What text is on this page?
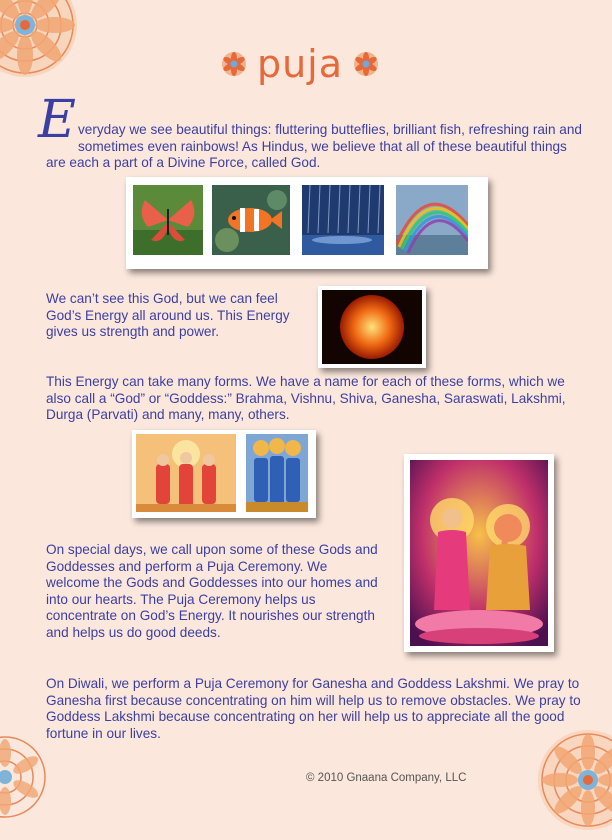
puja
E veryday we see beautiful things: fluttering butteflies, brilliant fish, refreshing rain and sometimes even rainbows! As Hindus, we believe that all of these beautiful things are each a part of a Divine Force, called God.
We can’t see this God, but we can feel God’s Energy all around us. This Energy gives us strength and power.
This Energy can take many forms. We have a name for each of these forms, which we also call a “God” or “Goddess:” Brahma, Vishnu, Shiva, Ganesha, Saraswati, Lakshmi, Durga (Parvati) and many, many, others.
On special days, we call upon some of these Gods and Goddesses and perform a Puja Ceremony. We welcome the Gods and Goddesses into our homes and into our hearts. The Puja Ceremony helps us concentrate on God’s Energy. It nourishes our strength and helps us do good deeds.
On Diwali, we perform a Puja Ceremony for Ganesha and Goddess Lakshmi. We pray to Ganesha first because concentrating on him will help us to remove obstacles. We pray to Goddess Lakshmi because concentrating on her will help us to appreciate all the good fortune in our lives.
© 2010 Gnaana Company, LLC
